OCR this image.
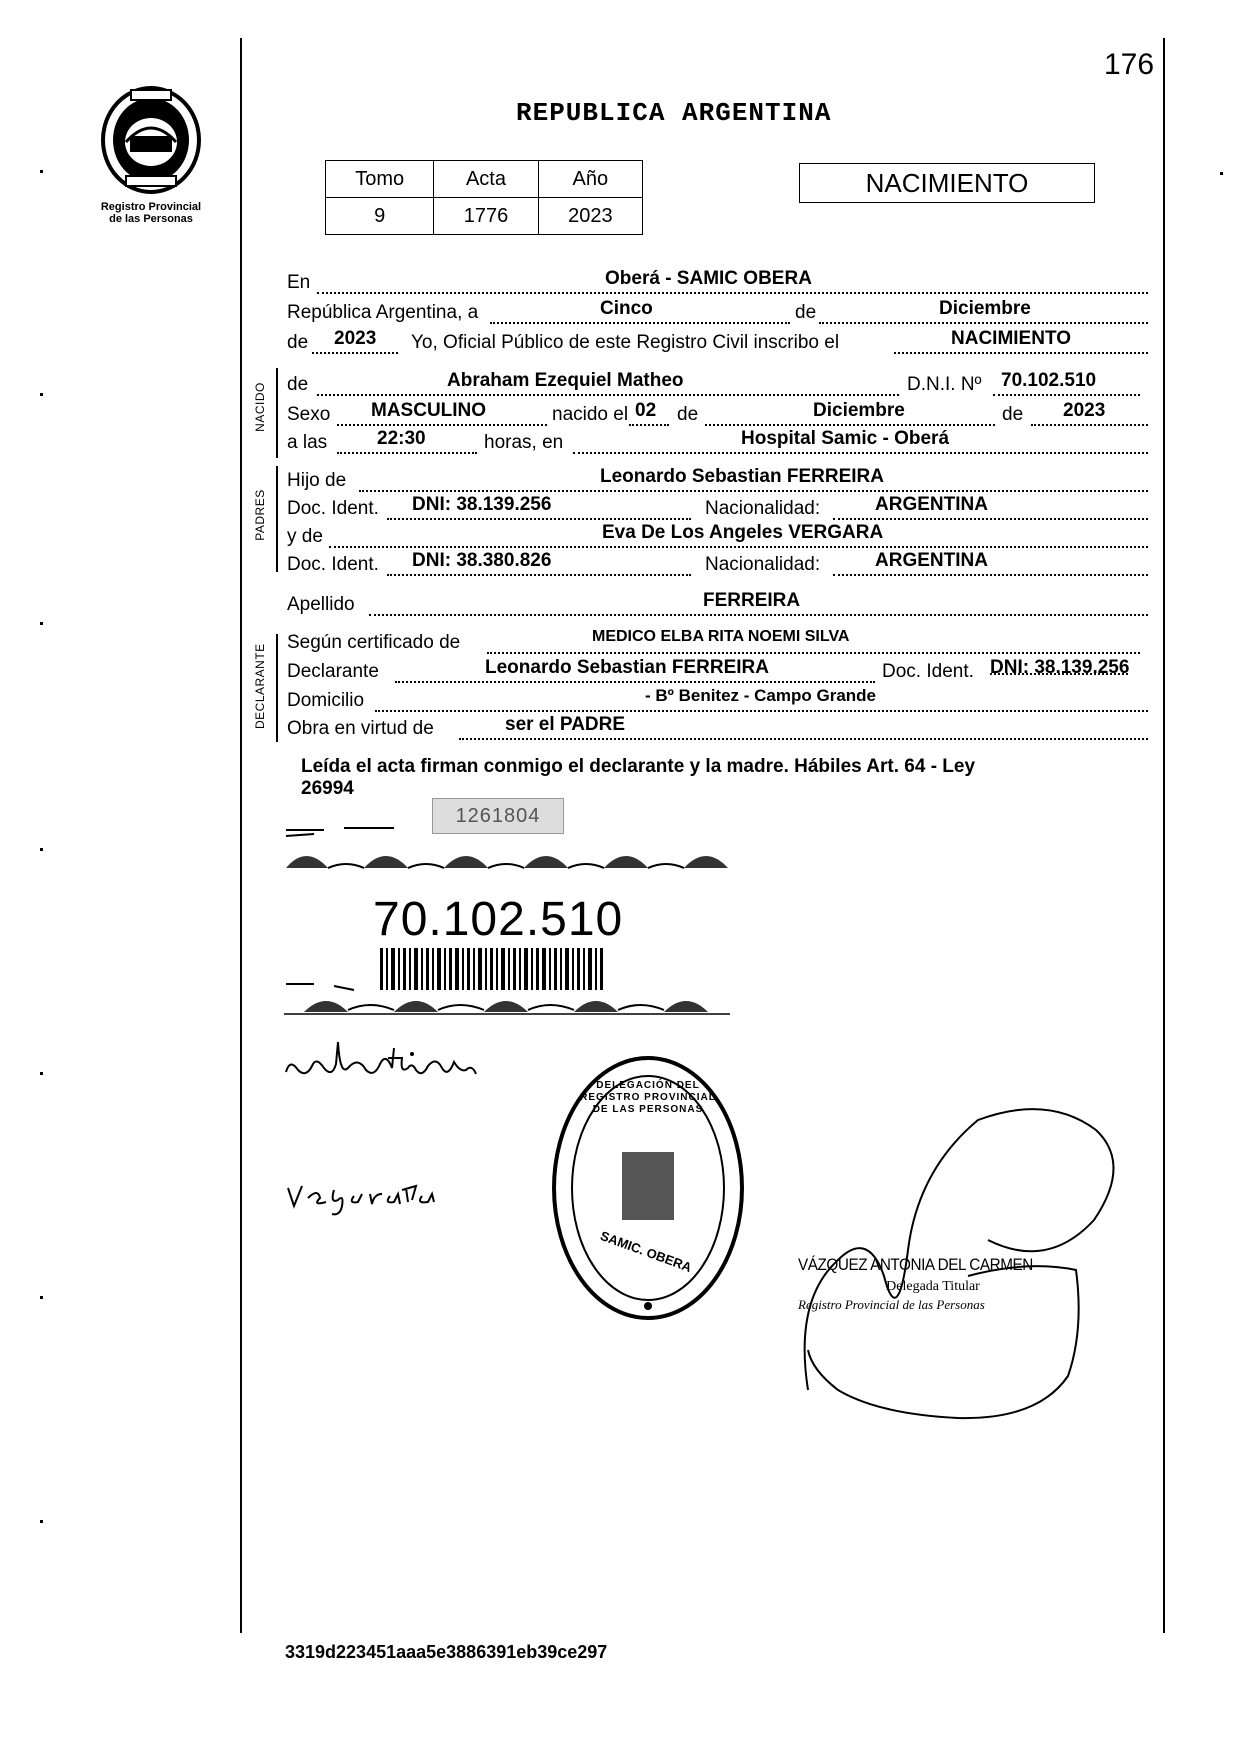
176
Registro Provincial
de las Personas
REPUBLICA ARGENTINA
Tomo	Acta	Año
9	1776	2023
NACIMIENTO
NACIDO
PADRES
DECLARANTE
En	Oberá - SAMIC OBERA
República Argentina, a	Cinco	de	Diciembre
de 2023 Yo, Oficial Público de este Registro Civil inscribo el	NACIMIENTO
de	Abraham Ezequiel Matheo	D.N.I. Nº 70.102.510
Sexo MASCULINO	nacido el 02 de	Diciembre	de 2023
a las	22:30	horas, en	Hospital Samic - Oberá
Hijo de	Leonardo Sebastian FERREIRA
Doc. Ident. DNI: 38.139.256	Nacionalidad:	ARGENTINA
y de	Eva De Los Angeles VERGARA
Doc. Ident. DNI: 38.380.826	Nacionalidad:	ARGENTINA
Apellido	FERREIRA
Según certificado de	MEDICO ELBA RITA NOEMI SILVA
Declarante	Leonardo Sebastian FERREIRA	Doc. Ident. DNI: 38.139.256
Domicilio	- Bº Benitez - Campo Grande
Obra en virtud de	ser el PADRE
Leída el acta firman conmigo el declarante y la madre. Hábiles Art. 64 - Ley
26994
1261804
70.102.510
DELEGACIÓN DEL REGISTRO PROVINCIAL DE LAS PERSONAS
SAMIC. OBERA	VÁZQUEZ ANTONIA DEL CARMEN
Delegada Titular
Registro Provincial de las Personas
3319d223451aaa5e3886391eb39ce297
